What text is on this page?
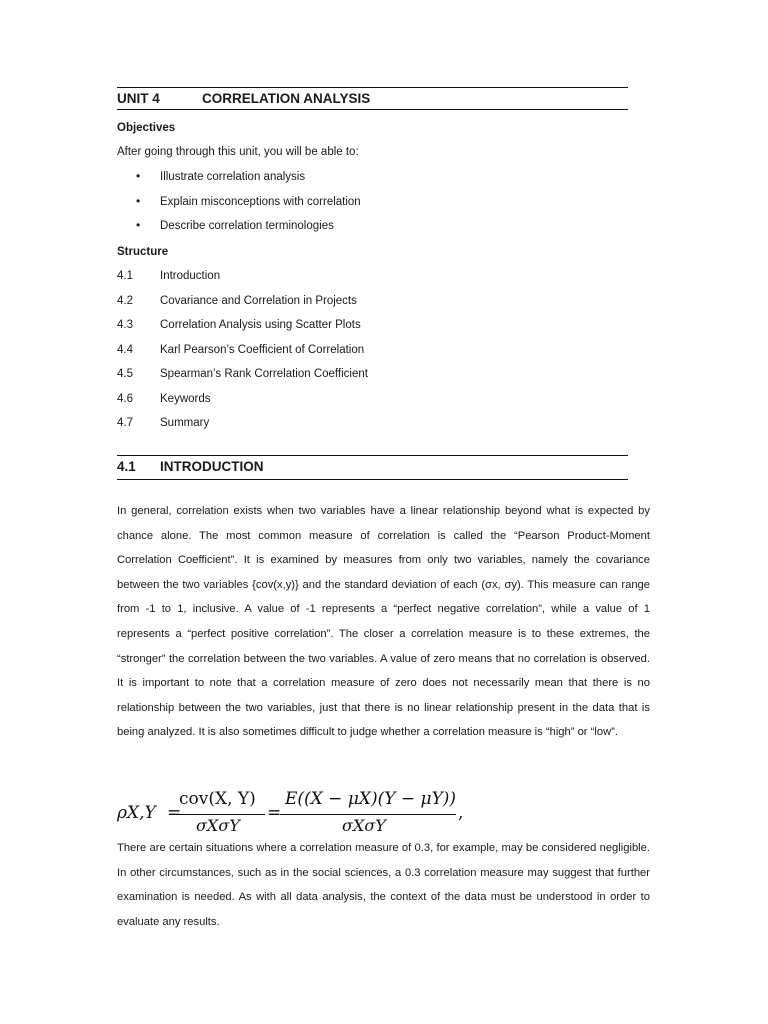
UNIT 4	CORRELATION ANALYSIS
Objectives
After going through this unit, you will be able to:
• Illustrate correlation analysis
• Explain misconceptions with correlation
• Describe correlation terminologies
Structure
4.1 Introduction
4.2 Covariance and Correlation in Projects
4.3 Correlation Analysis using Scatter Plots
4.4 Karl Pearson’s Coefficient of Correlation
4.5 Spearman’s Rank Correlation Coefficient
4.6 Keywords
4.7 Summary
4.1 INTRODUCTION

In general, correlation exists when two variables have a linear relationship beyond what is expected by chance alone. The most common measure of correlation is called the “Pearson Product-Moment Correlation Coefficient”. It is examined by measures from only two variables, namely the covariance between the two variables {cov(x,y)} and the standard deviation of each (σx, σy). This measure can range from -1 to 1, inclusive. A value of -1 represents a “perfect negative correlation”, while a value of 1 represents a “perfect positive correlation”. The closer a correlation measure is to these extremes, the “stronger” the correlation between the two variables. A value of zero means that no correlation is observed. It is important to note that a correlation measure of zero does not necessarily mean that there is no relationship between the two variables, just that there is no linear relationship present in the data that is being analyzed. It is also sometimes difficult to judge whether a correlation measure is “high” or “low”.

ρX,Y =
cov(X, Y)
σXσY
=
E((X − μX)(Y − μY))
σXσY
,

There are certain situations where a correlation measure of 0.3, for example, may be considered negligible. In other circumstances, such as in the social sciences, a 0.3 correlation measure may suggest that further examination is needed. As with all data analysis, the context of the data must be understood in order to evaluate any results.
